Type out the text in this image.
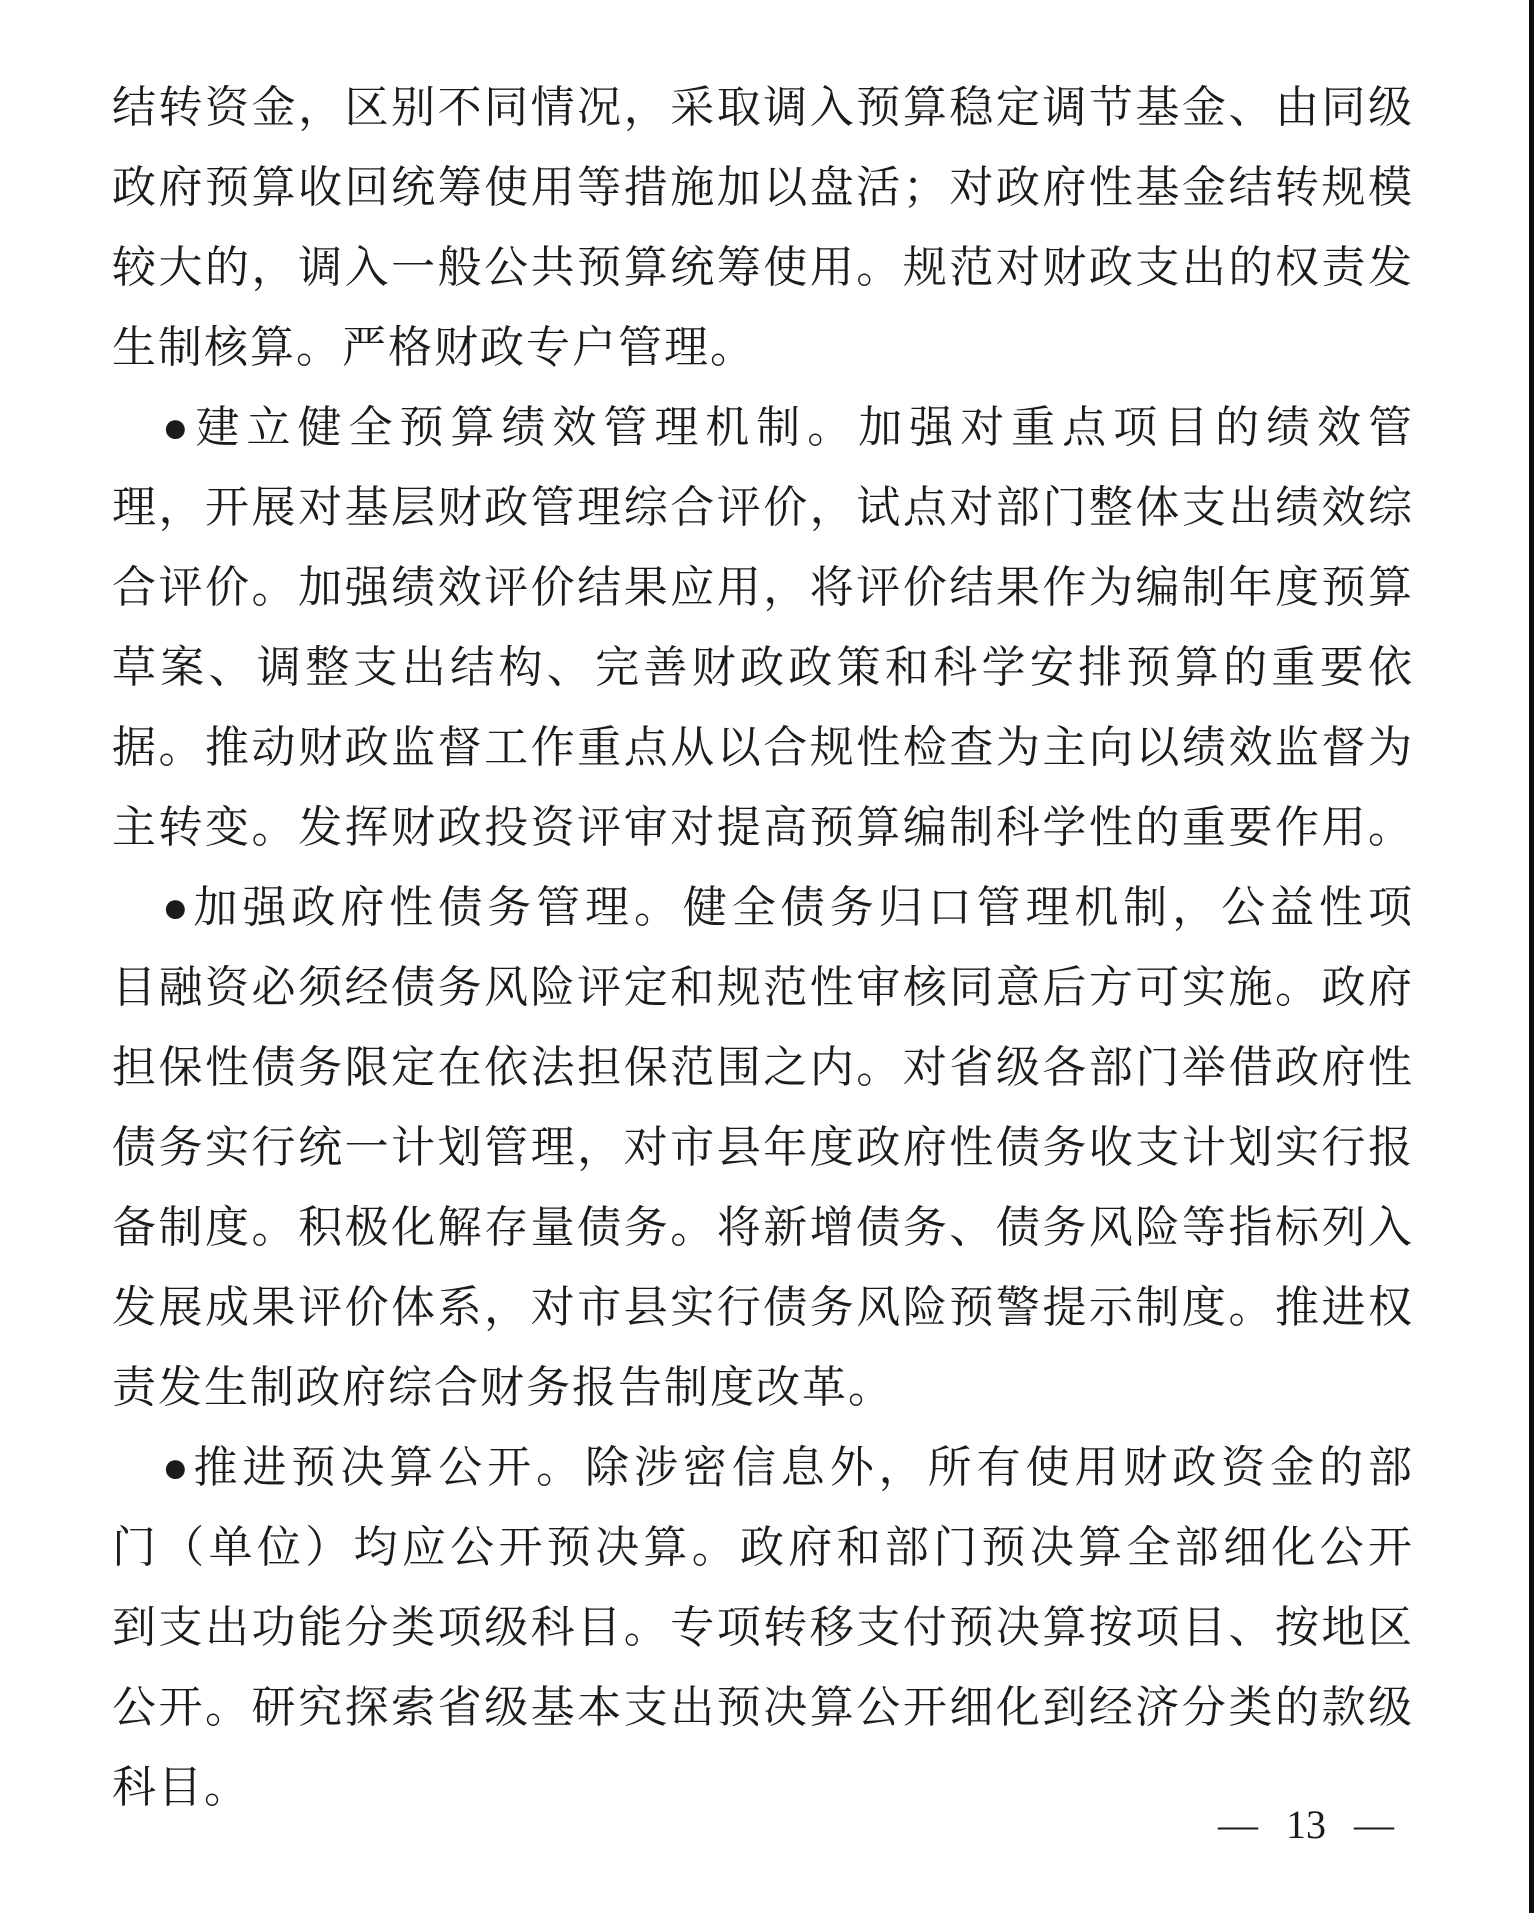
结转资金，区别不同情况，采取调入预算稳定调节基金、由同级
政府预算收回统筹使用等措施加以盘活；对政府性基金结转规模
较大的，调入一般公共预算统筹使用。规范对财政支出的权责发
生制核算。严格财政专户管理。
●建立健全预算绩效管理机制。加强对重点项目的绩效管
理，开展对基层财政管理综合评价，试点对部门整体支出绩效综
合评价。加强绩效评价结果应用，将评价结果作为编制年度预算
草案、调整支出结构、完善财政政策和科学安排预算的重要依
据。推动财政监督工作重点从以合规性检查为主向以绩效监督为
主转变。发挥财政投资评审对提高预算编制科学性的重要作用。
●加强政府性债务管理。健全债务归口管理机制，公益性项
目融资必须经债务风险评定和规范性审核同意后方可实施。政府
担保性债务限定在依法担保范围之内。对省级各部门举借政府性
债务实行统一计划管理，对市县年度政府性债务收支计划实行报
备制度。积极化解存量债务。将新增债务、债务风险等指标列入
发展成果评价体系，对市县实行债务风险预警提示制度。推进权
责发生制政府综合财务报告制度改革。
●推进预决算公开。除涉密信息外，所有使用财政资金的部
门（单位）均应公开预决算。政府和部门预决算全部细化公开
到支出功能分类项级科目。专项转移支付预决算按项目、按地区
公开。研究探索省级基本支出预决算公开细化到经济分类的款级
科目。
— 13 —
